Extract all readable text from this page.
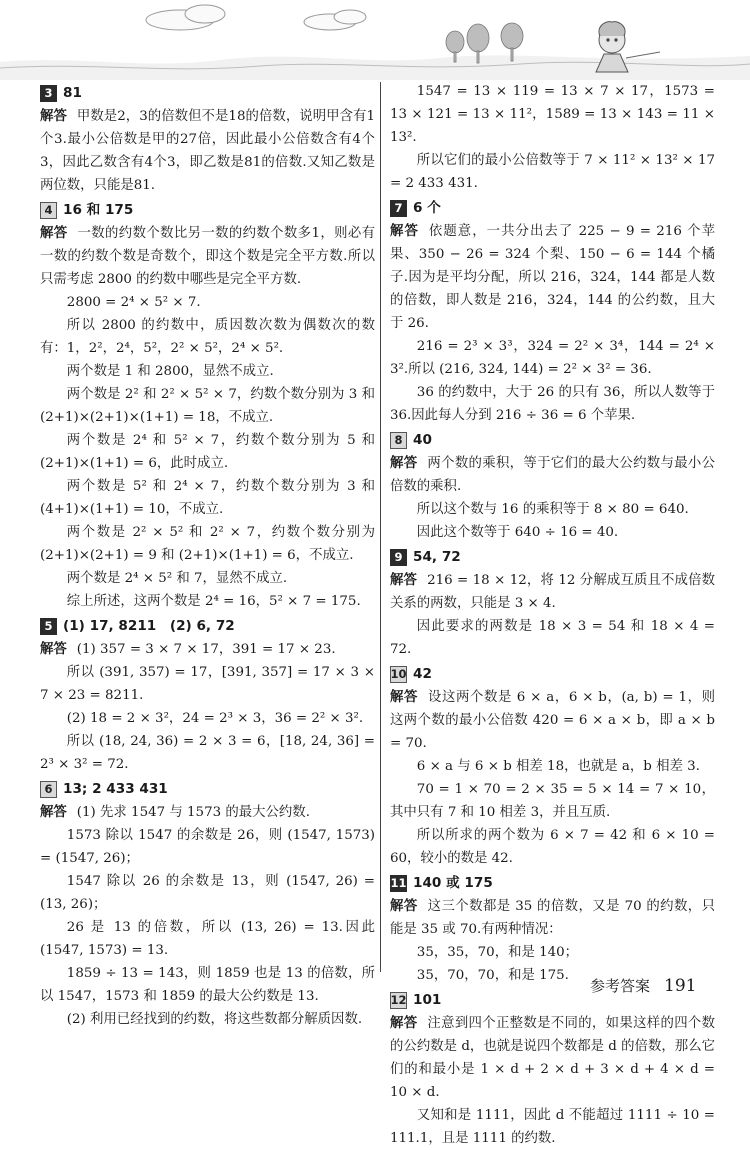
3 81

解答 甲数是2，3的倍数但不是18的倍数，说明甲含有1个3.最小公倍数是甲的27倍，因此最小公倍数含有4个3，因此乙数含有4个3，即乙数是81的倍数.又知乙数是两位数，只能是81.

4 16 和 175

解答 一数的约数个数比另一数的约数个数多1，则必有一数的约数个数是奇数个，即这个数是完全平方数.所以只需考虑 2800 的约数中哪些是完全平方数.

2800 = 2⁴ × 5² × 7.

所以 2800 的约数中，质因数次数为偶数次的数有：1，2²，2⁴，5²，2² × 5²，2⁴ × 5².

两个数是 1 和 2800，显然不成立.

两个数是 2² 和 2² × 5² × 7，约数个数分别为 3 和 (2+1)×(2+1)×(1+1) = 18，不成立.

两个数是 2⁴ 和 5² × 7，约数个数分别为 5 和 (2+1)×(1+1) = 6，此时成立.

两个数是 5² 和 2⁴ × 7，约数个数分别为 3 和 (4+1)×(1+1) = 10，不成立.

两个数是 2² × 5² 和 2² × 7，约数个数分别为 (2+1)×(2+1) = 9 和 (2+1)×(1+1) = 6，不成立.

两个数是 2⁴ × 5² 和 7，显然不成立.

综上所述，这两个数是 2⁴ = 16，5² × 7 = 175.

5 (1) 17, 8211　(2) 6, 72

解答 (1) 357 = 3 × 7 × 17，391 = 17 × 23.

所以 (391, 357) = 17，[391, 357] = 17 × 3 × 7 × 23 = 8211.

(2) 18 = 2 × 3²，24 = 2³ × 3，36 = 2² × 3².

所以 (18, 24, 36) = 2 × 3 = 6，[18, 24, 36] = 2³ × 3² = 72.

6 13; 2 433 431

解答 (1) 先求 1547 与 1573 的最大公约数.

1573 除以 1547 的余数是 26，则 (1547, 1573) = (1547, 26)；

1547 除以 26 的余数是 13，则 (1547, 26) = (13, 26)；

26 是 13 的倍数，所以 (13, 26) = 13.因此 (1547, 1573) = 13.

1859 ÷ 13 = 143，则 1859 也是 13 的倍数，所以 1547，1573 和 1859 的最大公约数是 13.

(2) 利用已经找到的约数，将这些数都分解质因数.

1547 = 13 × 119 = 13 × 7 × 17，1573 = 13 × 121 = 13 × 11²，1589 = 13 × 143 = 11 × 13².

所以它们的最小公倍数等于 7 × 11² × 13² × 17 = 2 433 431.

7 6 个

解答 依题意，一共分出去了 225 − 9 = 216 个苹果、350 − 26 = 324 个梨、150 − 6 = 144 个橘子.因为是平均分配，所以 216，324，144 都是人数的倍数，即人数是 216，324，144 的公约数，且大于 26.

216 = 2³ × 3³，324 = 2² × 3⁴，144 = 2⁴ × 3².所以 (216, 324, 144) = 2² × 3² = 36.

36 的约数中，大于 26 的只有 36，所以人数等于 36.因此每人分到 216 ÷ 36 = 6 个苹果.

8 40

解答 两个数的乘积，等于它们的最大公约数与最小公倍数的乘积.

所以这个数与 16 的乘积等于 8 × 80 = 640.

因此这个数等于 640 ÷ 16 = 40.

9 54, 72

解答 216 = 18 × 12，将 12 分解成互质且不成倍数关系的两数，只能是 3 × 4.

因此要求的两数是 18 × 3 = 54 和 18 × 4 = 72.

10 42

解答 设这两个数是 6 × a，6 × b，(a, b) = 1，则这两个数的最小公倍数 420 = 6 × a × b，即 a × b = 70.

6 × a 与 6 × b 相差 18，也就是 a，b 相差 3.

70 = 1 × 70 = 2 × 35 = 5 × 14 = 7 × 10，其中只有 7 和 10 相差 3，并且互质.

所以所求的两个数为 6 × 7 = 42 和 6 × 10 = 60，较小的数是 42.

11 140 或 175

解答 这三个数都是 35 的倍数，又是 70 的约数，只能是 35 或 70.有两种情况：

35，35，70，和是 140；

35，70，70，和是 175.

12 101

解答 注意到四个正整数是不同的，如果这样的四个数的公约数是 d，也就是说四个数都是 d 的倍数，那么它们的和最小是 1 × d + 2 × d + 3 × d + 4 × d = 10 × d.

又知和是 1111，因此 d 不能超过 1111 ÷ 10 = 111.1，且是 1111 的约数.

参考答案 191
